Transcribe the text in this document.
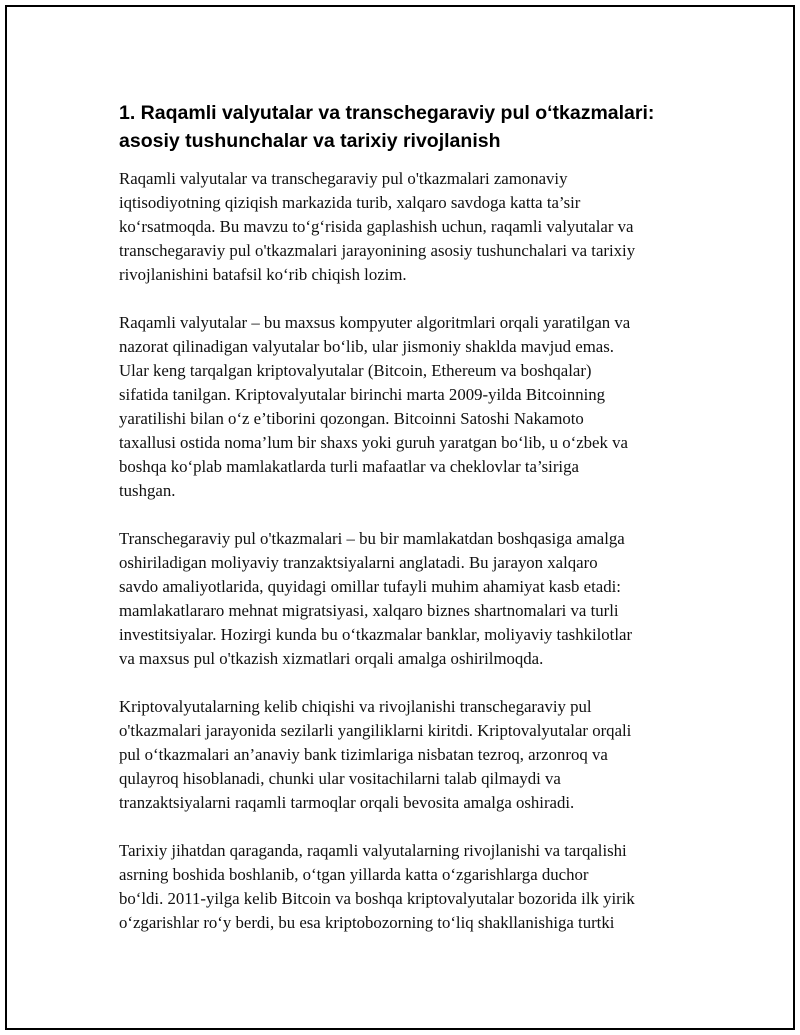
1. Raqamli valyutalar va transchegaraviy pul o‘tkazmalari:
asosiy tushunchalar va tarixiy rivojlanish
Raqamli valyutalar va transchegaraviy pul o'tkazmalari zamonaviy
iqtisodiyotning qiziqish markazida turib, xalqaro savdoga katta ta’sir
ko‘rsatmoqda. Bu mavzu to‘g‘risida gaplashish uchun, raqamli valyutalar va
transchegaraviy pul o'tkazmalari jarayonining asosiy tushunchalari va tarixiy
rivojlanishini batafsil ko‘rib chiqish lozim.
Raqamli valyutalar – bu maxsus kompyuter algoritmlari orqali yaratilgan va
nazorat qilinadigan valyutalar bo‘lib, ular jismoniy shaklda mavjud emas.
Ular keng tarqalgan kriptovalyutalar (Bitcoin, Ethereum va boshqalar)
sifatida tanilgan. Kriptovalyutalar birinchi marta 2009-yilda Bitcoinning
yaratilishi bilan o‘z e’tiborini qozongan. Bitcoinni Satoshi Nakamoto
taxallusi ostida noma’lum bir shaxs yoki guruh yaratgan bo‘lib, u o‘zbek va
boshqa ko‘plab mamlakatlarda turli mafaatlar va cheklovlar ta’siriga
tushgan.
Transchegaraviy pul o'tkazmalari – bu bir mamlakatdan boshqasiga amalga
oshiriladigan moliyaviy tranzaktsiyalarni anglatadi. Bu jarayon xalqaro
savdo amaliyotlarida, quyidagi omillar tufayli muhim ahamiyat kasb etadi:
mamlakatlararo mehnat migratsiyasi, xalqaro biznes shartnomalari va turli
investitsiyalar. Hozirgi kunda bu o‘tkazmalar banklar, moliyaviy tashkilotlar
va maxsus pul o'tkazish xizmatlari orqali amalga oshirilmoqda.
Kriptovalyutalarning kelib chiqishi va rivojlanishi transchegaraviy pul
o'tkazmalari jarayonida sezilarli yangiliklarni kiritdi. Kriptovalyutalar orqali
pul o‘tkazmalari an’anaviy bank tizimlariga nisbatan tezroq, arzonroq va
qulayroq hisoblanadi, chunki ular vositachilarni talab qilmaydi va
tranzaktsiyalarni raqamli tarmoqlar orqali bevosita amalga oshiradi.
Tarixiy jihatdan qaraganda, raqamli valyutalarning rivojlanishi va tarqalishi
asrning boshida boshlanib, o‘tgan yillarda katta o‘zgarishlarga duchor
bo‘ldi. 2011-yilga kelib Bitcoin va boshqa kriptovalyutalar bozorida ilk yirik
o‘zgarishlar ro‘y berdi, bu esa kriptobozorning to‘liq shakllanishiga turtki
